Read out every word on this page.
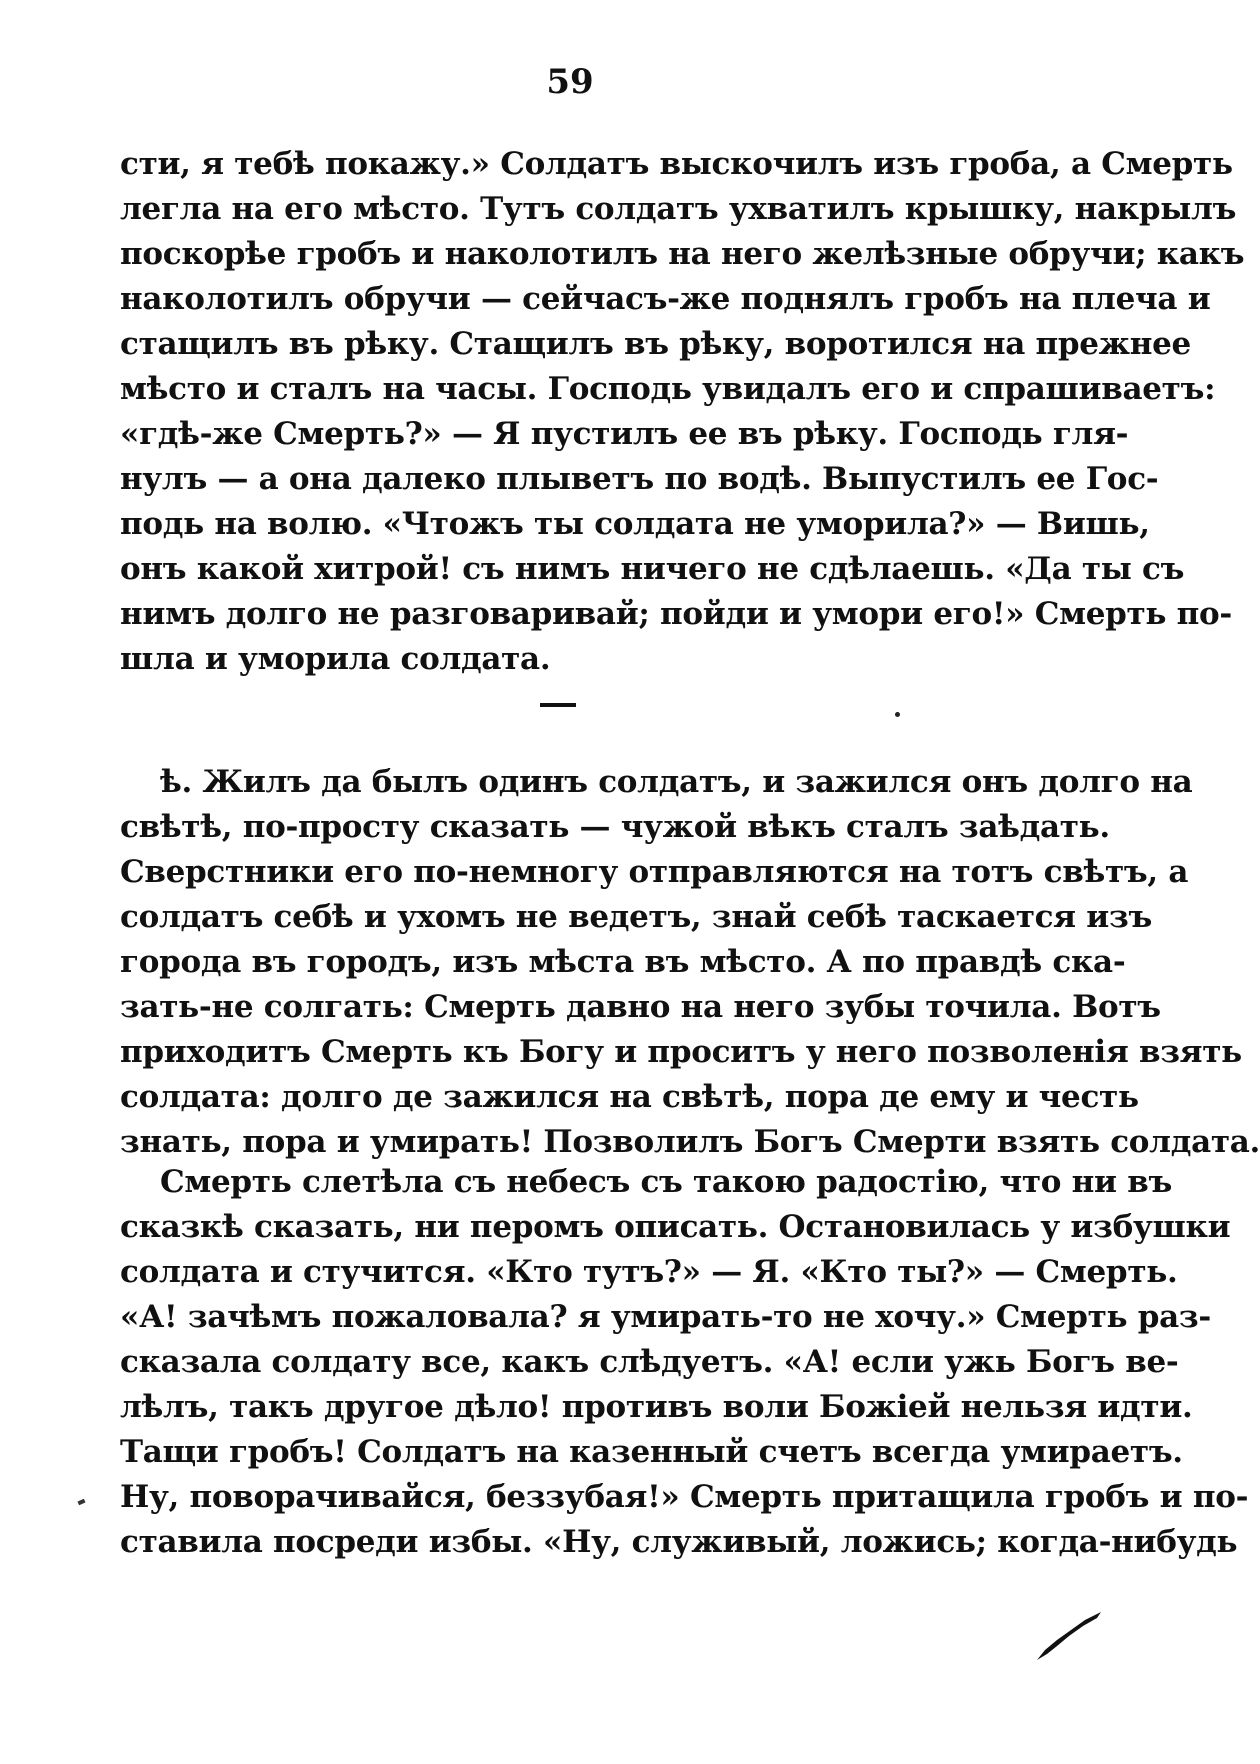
59
сти, я тебѣ покажу.» Солдатъ выскочилъ изъ гроба, а Смерть
легла на его мѣсто. Тутъ солдатъ ухватилъ крышку, накрылъ
поскорѣе гробъ и наколотилъ на него желѣзные обручи; какъ
наколотилъ обручи — сейчасъ-же поднялъ гробъ на плеча и
стащилъ въ рѣку. Стащилъ въ рѣку, воротился на прежнее
мѣсто и сталъ на часы. Господь увидалъ его и спрашиваетъ:
«гдѣ-же Смерть?» — Я пустилъ ее въ рѣку. Господь гля-
нулъ — а она далеко плыветъ по водѣ. Выпустилъ ее Гос-
подь на волю. «Чтожъ ты солдата не уморила?» — Вишь,
онъ какой хитрой! съ нимъ ничего не сдѣлаешь. «Да ты съ
нимъ долго не разговаривай; пойди и умори его!» Смерть по-
шла и уморила солдата.
ѣ. Жилъ да былъ одинъ солдатъ, и зажился онъ долго на
свѣтѣ, по-просту сказать — чужой вѣкъ сталъ заѣдать.
Сверстники его по-немногу отправляются на тотъ свѣтъ, а
солдатъ себѣ и ухомъ не ведетъ, знай себѣ таскается изъ
города въ городъ, изъ мѣста въ мѣсто. А по правдѣ ска-
зать-не солгать: Смерть давно на него зубы точила. Вотъ
приходитъ Смерть къ Богу и проситъ у него позволенія взять
солдата: долго де зажился на свѣтѣ, пора де ему и честь
знать, пора и умирать! Позволилъ Богъ Смерти взять солдата.
Смерть слетѣла съ небесъ съ такою радостію, что ни въ
сказкѣ сказать, ни перомъ описать. Остановилась у избушки
солдата и стучится. «Кто тутъ?» — Я. «Кто ты?» — Смерть.
«А! зачѣмъ пожаловала? я умирать-то не хочу.» Смерть раз-
сказала солдату все, какъ слѣдуетъ. «А! если ужь Богъ ве-
лѣлъ, такъ другое дѣло! противъ воли Божіей нельзя идти.
Тащи гробъ! Солдатъ на казенный счетъ всегда умираетъ.
Ну, поворачивайся, беззубая!» Смерть притащила гробъ и по-
ставила посреди избы. «Ну, служивый, ложись; когда-нибудь
